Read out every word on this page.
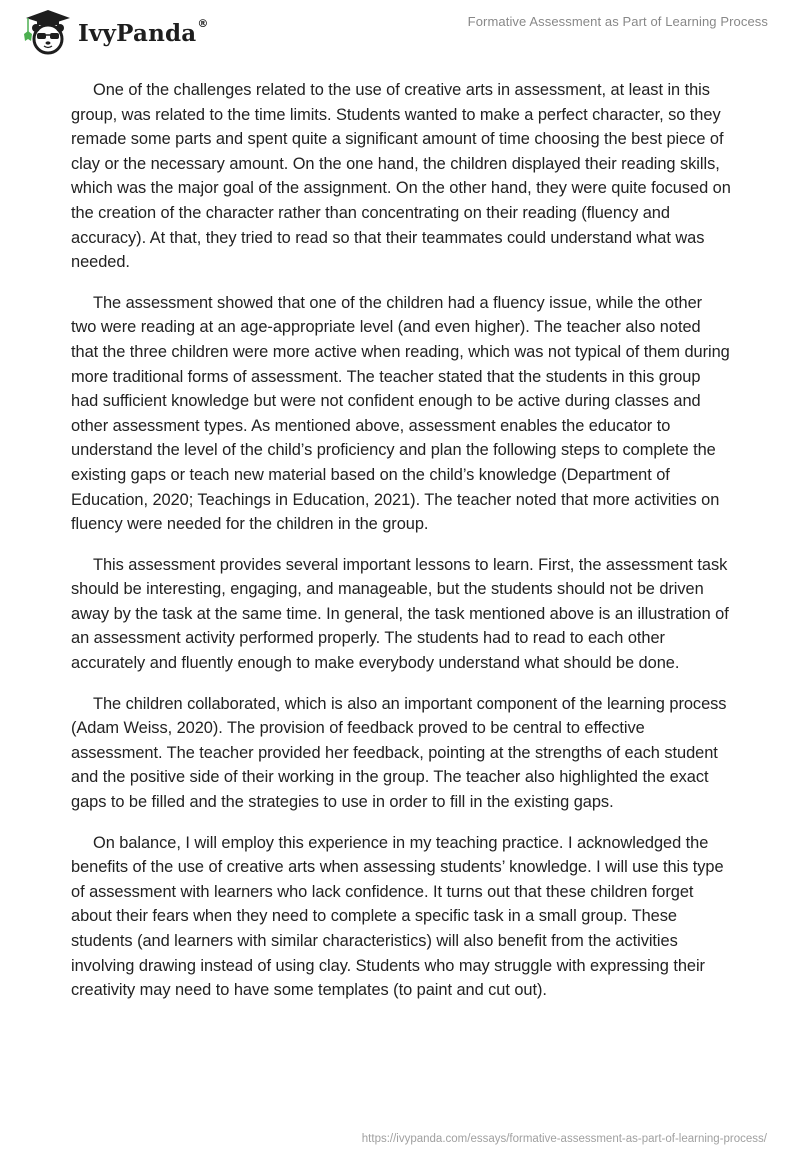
IvyPanda ®	Formative Assessment as Part of Learning Process

One of the challenges related to the use of creative arts in assessment, at least in this group, was related to the time limits. Students wanted to make a perfect character, so they remade some parts and spent quite a significant amount of time choosing the best piece of clay or the necessary amount. On the one hand, the children displayed their reading skills, which was the major goal of the assignment. On the other hand, they were quite focused on the creation of the character rather than concentrating on their reading (fluency and accuracy). At that, they tried to read so that their teammates could understand what was needed.

The assessment showed that one of the children had a fluency issue, while the other two were reading at an age-appropriate level (and even higher). The teacher also noted that the three children were more active when reading, which was not typical of them during more traditional forms of assessment. The teacher stated that the students in this group had sufficient knowledge but were not confident enough to be active during classes and other assessment types. As mentioned above, assessment enables the educator to understand the level of the child’s proficiency and plan the following steps to complete the existing gaps or teach new material based on the child’s knowledge (Department of Education, 2020; Teachings in Education, 2021). The teacher noted that more activities on fluency were needed for the children in the group.

This assessment provides several important lessons to learn. First, the assessment task should be interesting, engaging, and manageable, but the students should not be driven away by the task at the same time. In general, the task mentioned above is an illustration of an assessment activity performed properly. The students had to read to each other accurately and fluently enough to make everybody understand what should be done.

The children collaborated, which is also an important component of the learning process (Adam Weiss, 2020). The provision of feedback proved to be central to effective assessment. The teacher provided her feedback, pointing at the strengths of each student and the positive side of their working in the group. The teacher also highlighted the exact gaps to be filled and the strategies to use in order to fill in the existing gaps.

On balance, I will employ this experience in my teaching practice. I acknowledged the benefits of the use of creative arts when assessing students’ knowledge. I will use this type of assessment with learners who lack confidence. It turns out that these children forget about their fears when they need to complete a specific task in a small group. These students (and learners with similar characteristics) will also benefit from the activities involving drawing instead of using clay. Students who may struggle with expressing their creativity may need to have some templates (to paint and cut out).

https://ivypanda.com/essays/formative-assessment-as-part-of-learning-process/
